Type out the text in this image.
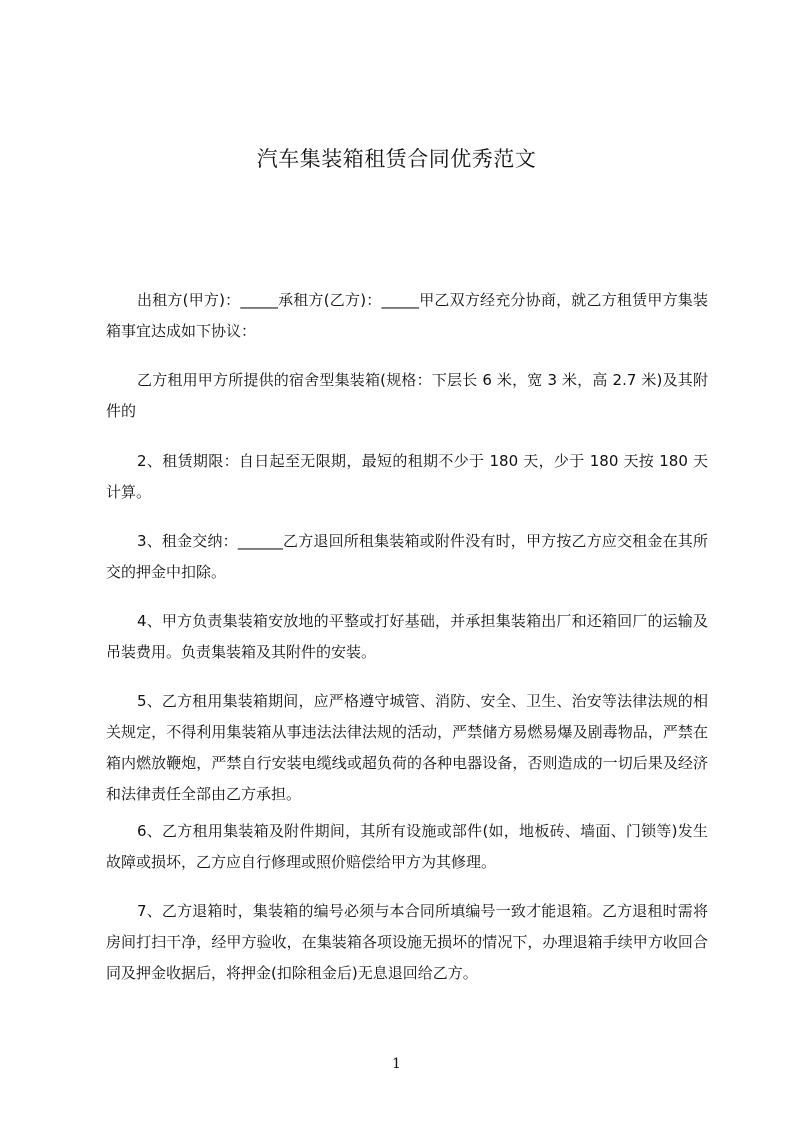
汽车集装箱租赁合同优秀范文
出租方(甲方)：_____承租方(乙方)：_____甲乙双方经充分协商，就乙方租赁甲方集装箱事宜达成如下协议：
乙方租用甲方所提供的宿舍型集装箱(规格：下层长 6 米，宽 3 米，高 2.7 米)及其附件的
2、租赁期限：自日起至无限期，最短的租期不少于 180 天，少于 180 天按 180 天计算。
3、租金交纳：______乙方退回所租集装箱或附件没有时，甲方按乙方应交租金在其所交的押金中扣除。
4、甲方负责集装箱安放地的平整或打好基础，并承担集装箱出厂和还箱回厂的运输及吊装费用。负责集装箱及其附件的安装。
5、乙方租用集装箱期间，应严格遵守城管、消防、安全、卫生、治安等法律法规的相关规定，不得利用集装箱从事违法法律法规的活动，严禁储方易燃易爆及剧毒物品，严禁在箱内燃放鞭炮，严禁自行安装电缆线或超负荷的各种电器设备，否则造成的一切后果及经济和法律责任全部由乙方承担。
6、乙方租用集装箱及附件期间，其所有设施或部件(如，地板砖、墙面、门锁等)发生故障或损坏，乙方应自行修理或照价赔偿给甲方为其修理。
7、乙方退箱时，集装箱的编号必须与本合同所填编号一致才能退箱。乙方退租时需将房间打扫干净，经甲方验收，在集装箱各项设施无损坏的情况下，办理退箱手续甲方收回合同及押金收据后，将押金(扣除租金后)无息退回给乙方。
1
